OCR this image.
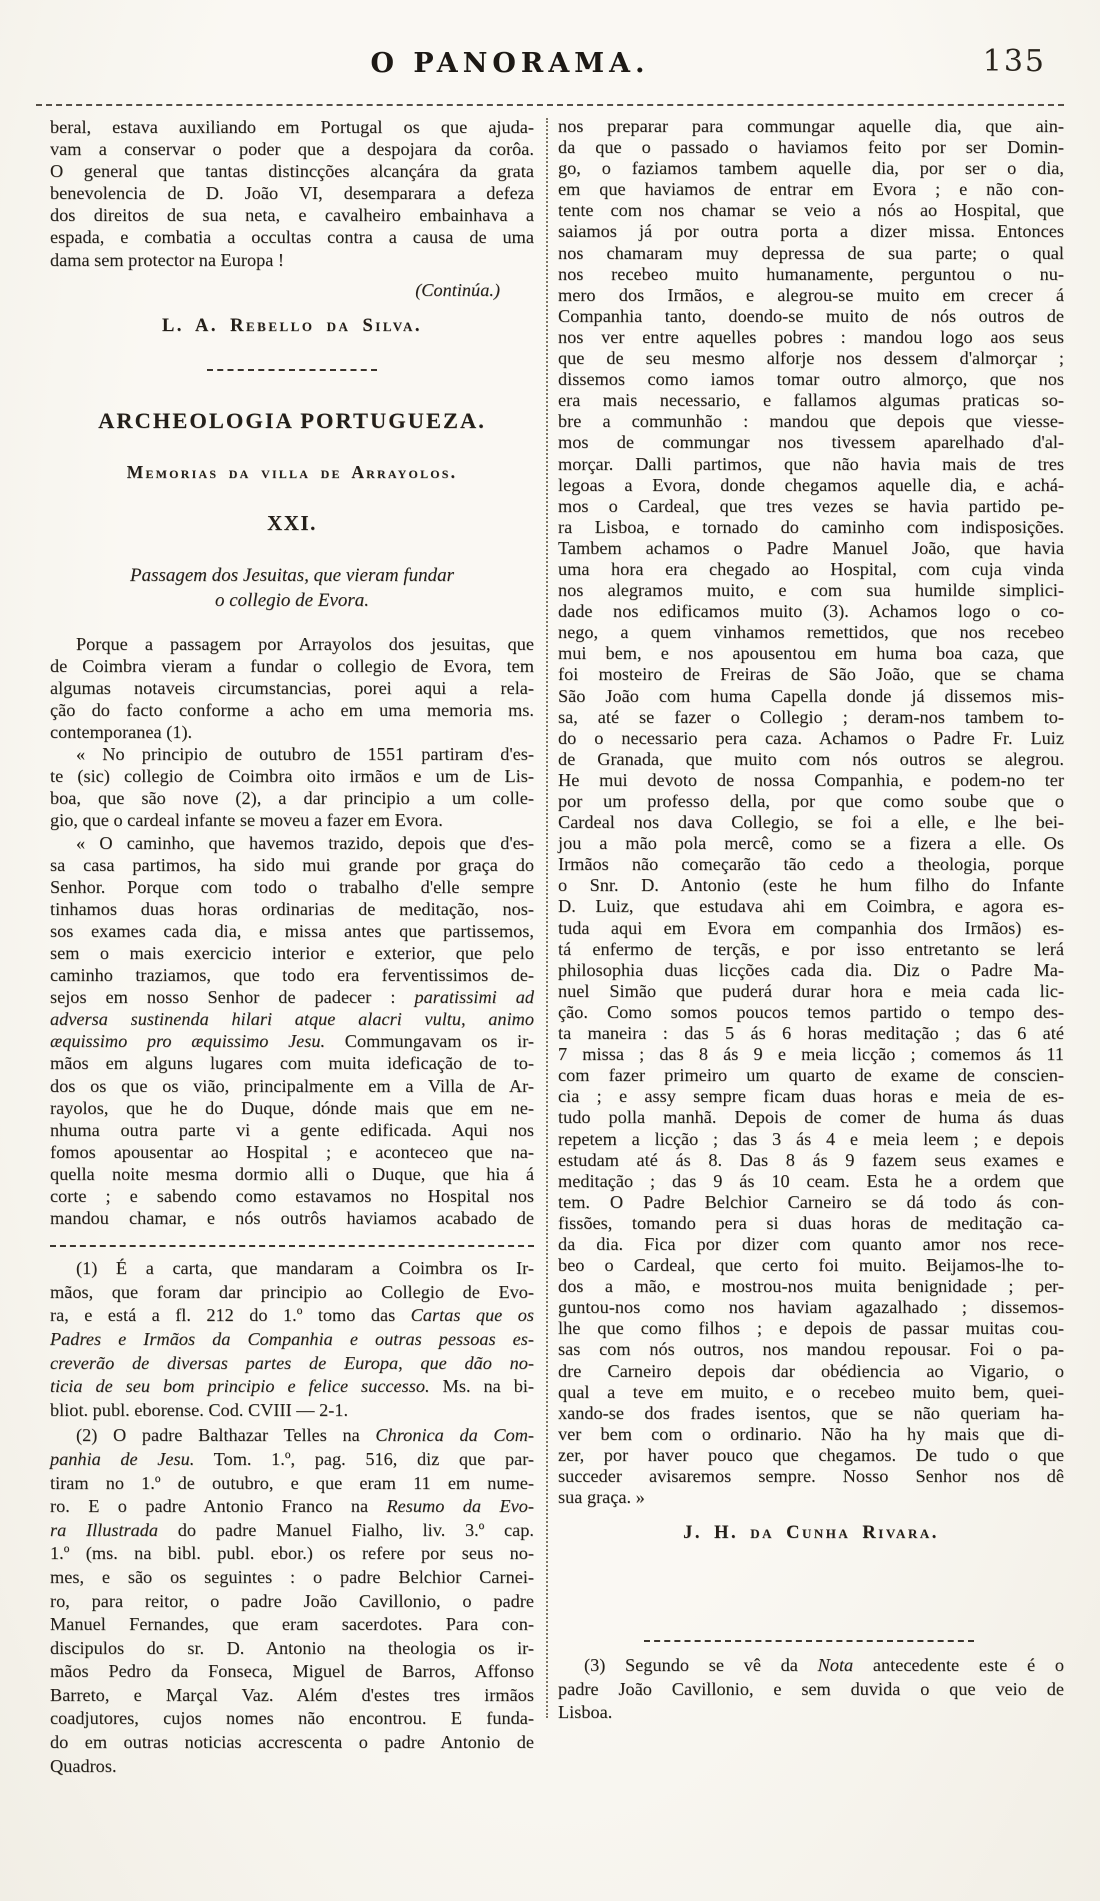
O PANORAMA.	135
beral, estava auxiliando em Portugal os que ajuda-
vam a conservar o poder que a despojara da corôa.
O general que tantas distincções alcançára da grata
benevolencia de D. João VI, desemparara a defeza
dos direitos de sua neta, e cavalheiro embainhava a
espada, e combatia a occultas contra a causa de uma
dama sem protector na Europa !
(Continúa.)
L. A. Rebello da Silva.
ARCHEOLOGIA PORTUGUEZA.
Memorias da villa de Arrayolos.
XXI.
Passagem dos Jesuitas, que vieram fundar
o collegio de Evora.
Porque a passagem por Arrayolos dos jesuitas, que
de Coimbra vieram a fundar o collegio de Evora, tem
algumas notaveis circumstancias, porei aqui a rela-
ção do facto conforme a acho em uma memoria ms.
contemporanea (1).
« No principio de outubro de 1551 partiram d'es-
te (sic) collegio de Coimbra oito irmãos e um de Lis-
boa, que são nove (2), a dar principio a um colle-
gio, que o cardeal infante se moveu a fazer em Evora.
« O caminho, que havemos trazido, depois que d'es-
sa casa partimos, ha sido mui grande por graça do
Senhor. Porque com todo o trabalho d'elle sempre
tinhamos duas horas ordinarias de meditação, nos-
sos exames cada dia, e missa antes que partissemos,
sem o mais exercicio interior e exterior, que pelo
caminho traziamos, que todo era ferventissimos de-
sejos em nosso Senhor de padecer : paratissimi ad
adversa sustinenda hilari atque alacri vultu, animo
æquissimo pro æquissimo Jesu. Commungavam os ir-
mãos em alguns lugares com muita ideficação de to-
dos os que os vião, principalmente em a Villa de Ar-
rayolos, que he do Duque, dónde mais que em ne-
nhuma outra parte vi a gente edificada. Aqui nos
fomos apousentar ao Hospital ; e aconteceo que na-
quella noite mesma dormio alli o Duque, que hia á
corte ; e sabendo como estavamos no Hospital nos
mandou chamar, e nós outrôs haviamos acabado de
(1) É a carta, que mandaram a Coimbra os Ir-
mãos, que foram dar principio ao Collegio de Evo-
ra, e está a fl. 212 do 1.º tomo das Cartas que os
Padres e Irmãos da Companhia e outras pessoas es-
creverão de diversas partes de Europa, que dão no-
ticia de seu bom principio e felice successo. Ms. na bi-
bliot. publ. eborense. Cod. CVIII — 2-1.
(2) O padre Balthazar Telles na Chronica da Com-
panhia de Jesu. Tom. 1.º, pag. 516, diz que par-
tiram no 1.º de outubro, e que eram 11 em nume-
ro. E o padre Antonio Franco na Resumo da Evo-
ra Illustrada do padre Manuel Fialho, liv. 3.º cap.
1.º (ms. na bibl. publ. ebor.) os refere por seus no-
mes, e são os seguintes : o padre Belchior Carnei-
ro, para reitor, o padre João Cavillonio, o padre
Manuel Fernandes, que eram sacerdotes. Para con-
discipulos do sr. D. Antonio na theologia os ir-
mãos Pedro da Fonseca, Miguel de Barros, Affonso
Barreto, e Marçal Vaz. Além d'estes tres irmãos
coadjutores, cujos nomes não encontrou. E funda-
do em outras noticias accrescenta o padre Antonio de
Quadros.
nos preparar para commungar aquelle dia, que ain-
da que o passado o haviamos feito por ser Domin-
go, o faziamos tambem aquelle dia, por ser o dia,
em que haviamos de entrar em Evora ; e não con-
tente com nos chamar se veio a nós ao Hospital, que
saiamos já por outra porta a dizer missa. Entonces
nos chamaram muy depressa de sua parte; o qual
nos recebeo muito humanamente, perguntou o nu-
mero dos Irmãos, e alegrou-se muito em crecer á
Companhia tanto, doendo-se muito de nós outros de
nos ver entre aquelles pobres : mandou logo aos seus
que de seu mesmo alforje nos dessem d'almorçar ;
dissemos como iamos tomar outro almorço, que nos
era mais necessario, e fallamos algumas praticas so-
bre a communhão : mandou que depois que viesse-
mos de commungar nos tivessem aparelhado d'al-
morçar. Dalli partimos, que não havia mais de tres
legoas a Evora, donde chegamos aquelle dia, e achá-
mos o Cardeal, que tres vezes se havia partido pe-
ra Lisboa, e tornado do caminho com indisposições.
Tambem achamos o Padre Manuel João, que havia
uma hora era chegado ao Hospital, com cuja vinda
nos alegramos muito, e com sua humilde simplici-
dade nos edificamos muito (3). Achamos logo o co-
nego, a quem vinhamos remettidos, que nos recebeo
mui bem, e nos apousentou em huma boa caza, que
foi mosteiro de Freiras de São João, que se chama
São João com huma Capella donde já dissemos mis-
sa, até se fazer o Collegio ; deram-nos tambem to-
do o necessario pera caza. Achamos o Padre Fr. Luiz
de Granada, que muito com nós outros se alegrou.
He mui devoto de nossa Companhia, e podem-no ter
por um professo della, por que como soube que o
Cardeal nos dava Collegio, se foi a elle, e lhe bei-
jou a mão pola mercê, como se a fizera a elle. Os
Irmãos não começarão tão cedo a theologia, porque
o Snr. D. Antonio (este he hum filho do Infante
D. Luiz, que estudava ahi em Coimbra, e agora es-
tuda aqui em Evora em companhia dos Irmãos) es-
tá enfermo de terçãs, e por isso entretanto se lerá
philosophia duas licções cada dia. Diz o Padre Ma-
nuel Simão que puderá durar hora e meia cada lic-
ção. Como somos poucos temos partido o tempo des-
ta maneira : das 5 ás 6 horas meditação ; das 6 até
7 missa ; das 8 ás 9 e meia licção ; comemos ás 11
com fazer primeiro um quarto de exame de conscien-
cia ; e assy sempre ficam duas horas e meia de es-
tudo polla manhã. Depois de comer de huma ás duas
repetem a licção ; das 3 ás 4 e meia leem ; e depois
estudam até ás 8. Das 8 ás 9 fazem seus exames e
meditação ; das 9 ás 10 ceam. Esta he a ordem que
tem. O Padre Belchior Carneiro se dá todo ás con-
fissões, tomando pera si duas horas de meditação ca-
da dia. Fica por dizer com quanto amor nos rece-
beo o Cardeal, que certo foi muito. Beijamos-lhe to-
dos a mão, e mostrou-nos muita benignidade ; per-
guntou-nos como nos haviam agazalhado ; dissemos-
lhe que como filhos ; e depois de passar muitas cou-
sas com nós outros, nos mandou repousar. Foi o pa-
dre Carneiro depois dar obédiencia ao Vigario, o
qual a teve em muito, e o recebeo muito bem, quei-
xando-se dos frades isentos, que se não queriam ha-
ver bem com o ordinario. Não ha hy mais que di-
zer, por haver pouco que chegamos. De tudo o que
succeder avisaremos sempre. Nosso Senhor nos dê
sua graça. »
J. H. da Cunha Rivara.
(3) Segundo se vê da Nota antecedente este é o
padre João Cavillonio, e sem duvida o que veio de
Lisboa.
